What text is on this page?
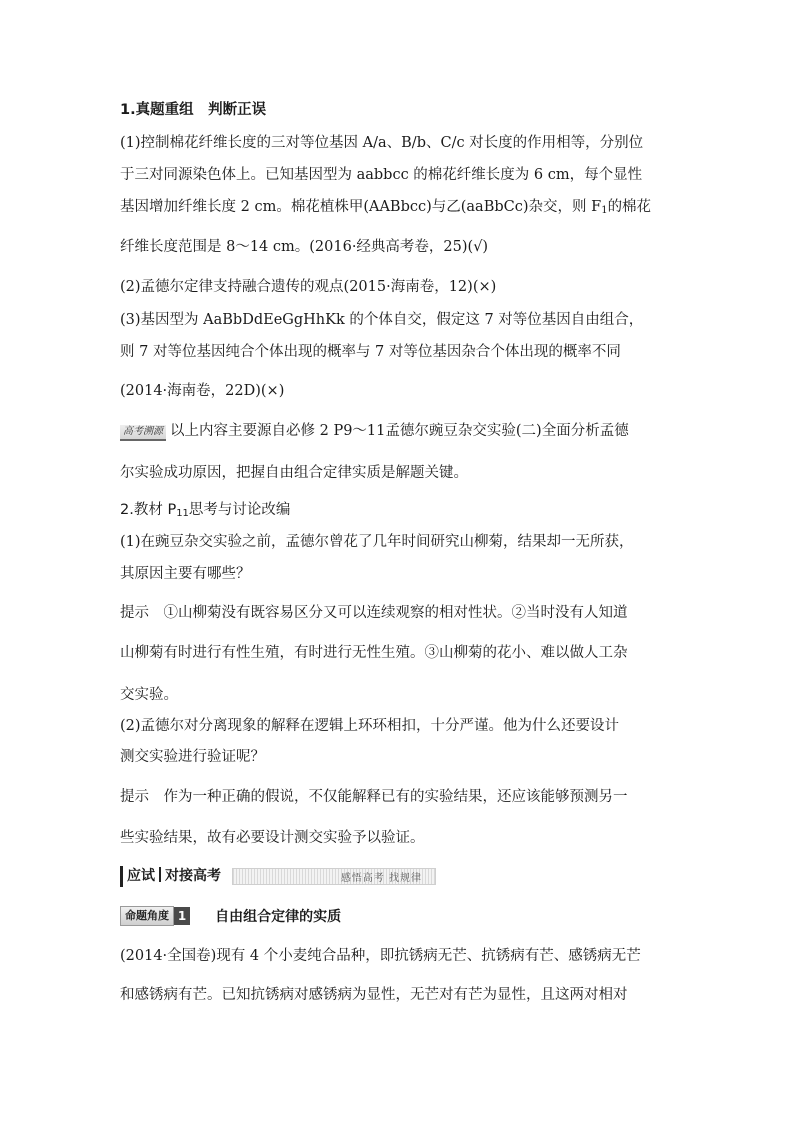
1.真题重组　判断正误
(1)控制棉花纤维长度的三对等位基因 A/a、B/b、C/c 对长度的作用相等，分别位
于三对同源染色体上。已知基因型为 aabbcc 的棉花纤维长度为 6 cm，每个显性
基因增加纤维长度 2 cm。棉花植株甲(AABbcc)与乙(aaBbCc)杂交，则 $F_1$的棉花
纤维长度范围是 8～14 cm。(2016·经典高考卷，25)(√)
(2)孟德尔定律支持融合遗传的观点(2015·海南卷，12)(×)
(3)基因型为 AaBbDdEeGgHhKk 的个体自交，假定这 7 对等位基因自由组合，
则 7 对等位基因纯合个体出现的概率与 7 对等位基因杂合个体出现的概率不同
(2014·海南卷，22D)(×)
高考溯源 以上内容主要源自必修 2 P9～11孟德尔豌豆杂交实验(二)全面分析孟德
尔实验成功原因，把握自由组合定律实质是解题关键。
2.教材 $P_{11}$思考与讨论改编
(1)在豌豆杂交实验之前，孟德尔曾花了几年时间研究山柳菊，结果却一无所获，
其原因主要有哪些？
提示　①山柳菊没有既容易区分又可以连续观察的相对性状。②当时没有人知道
山柳菊有时进行有性生殖，有时进行无性生殖。③山柳菊的花小、难以做人工杂
交实验。
(2)孟德尔对分离现象的解释在逻辑上环环相扣，十分严谨。他为什么还要设计
测交实验进行验证呢？
提示　作为一种正确的假说，不仅能解释已有的实验结果，还应该能够预测另一
些实验结果，故有必要设计测交实验予以验证。
应试 对接高考	感悟高考 找规律
命题角度 1 自由组合定律的实质
(2014·全国卷)现有 4 个小麦纯合品种，即抗锈病无芒、抗锈病有芒、感锈病无芒
和感锈病有芒。已知抗锈病对感锈病为显性，无芒对有芒为显性，且这两对相对
